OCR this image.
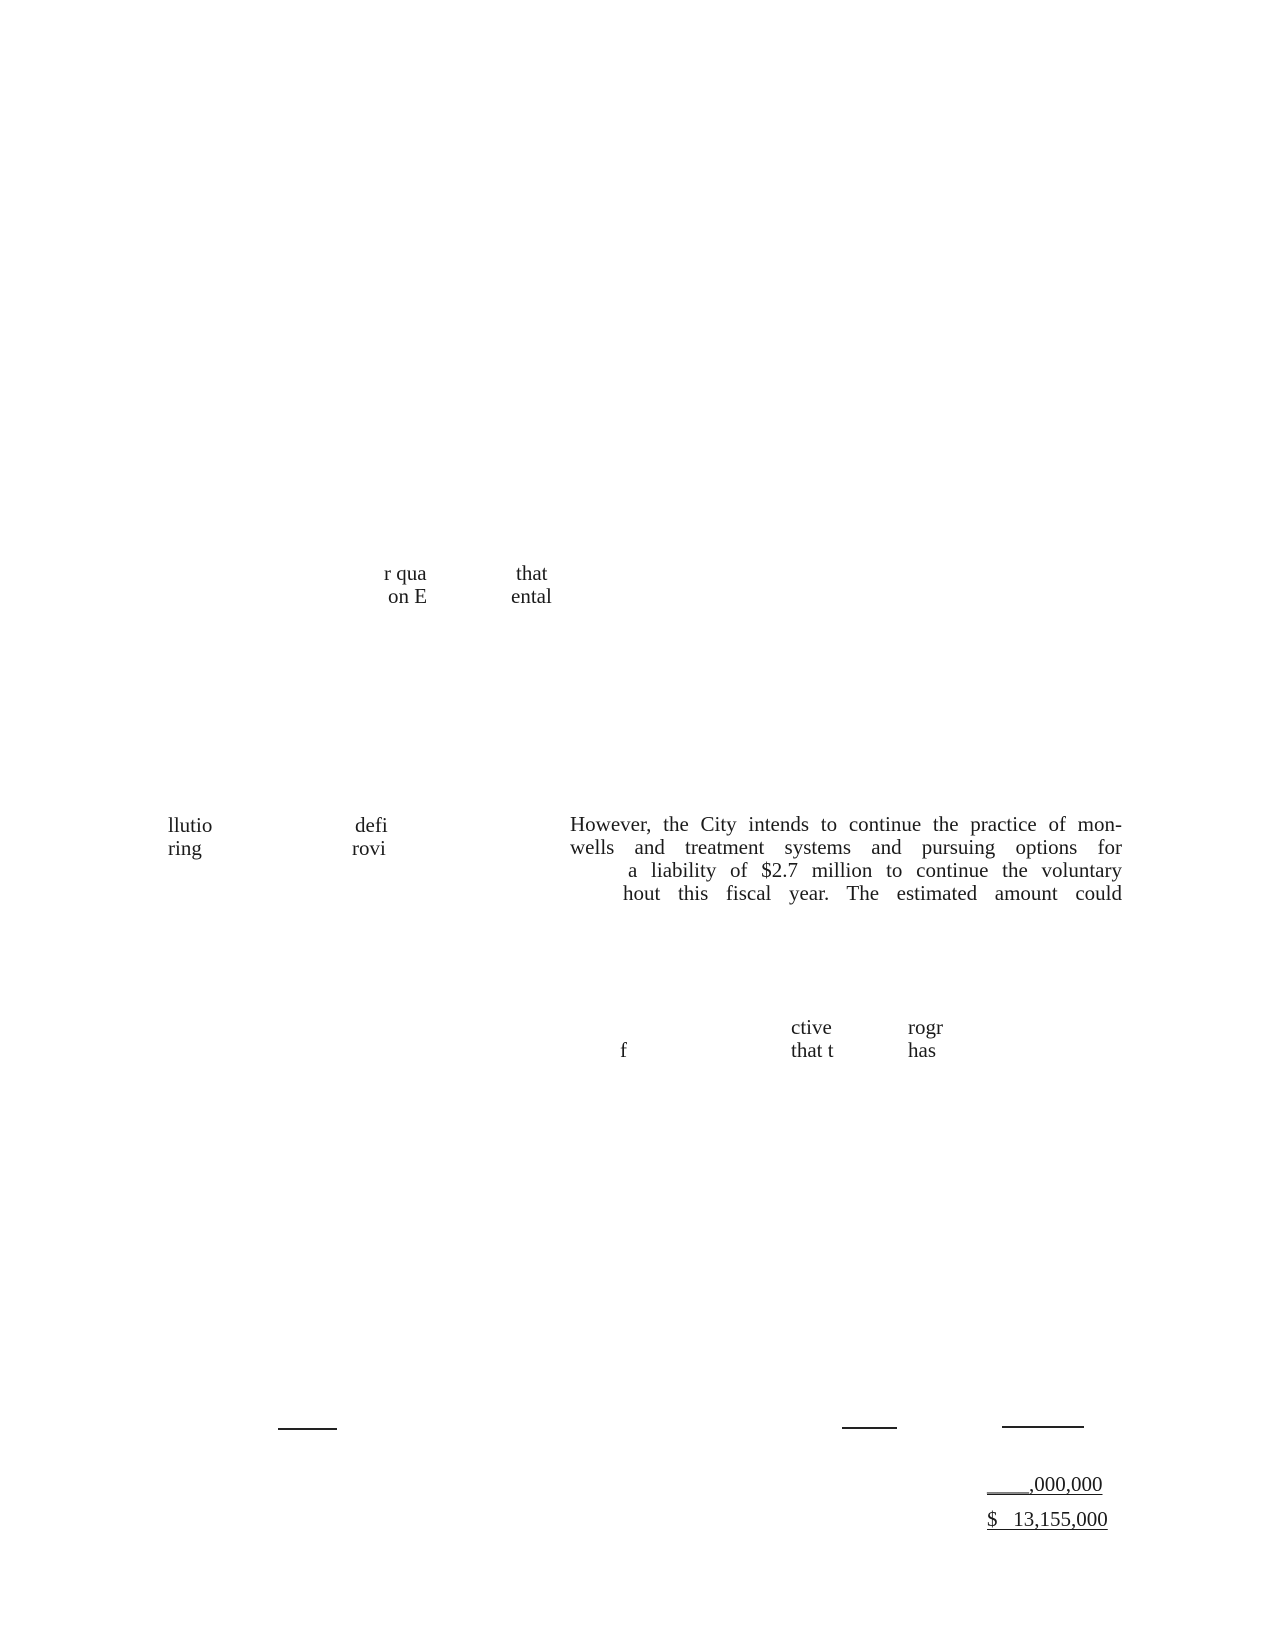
r qua
on E
that
ental
llutio
ring
defi
rovi
However, the City intends to continue the practice of mon-
wells and treatment systems and pursuing options for
a liability of $2.7 million to continue the voluntary
hout this fiscal year. The estimated amount could
ctive	rogr
f	that t	has
____,000,000
$   13,155,000
